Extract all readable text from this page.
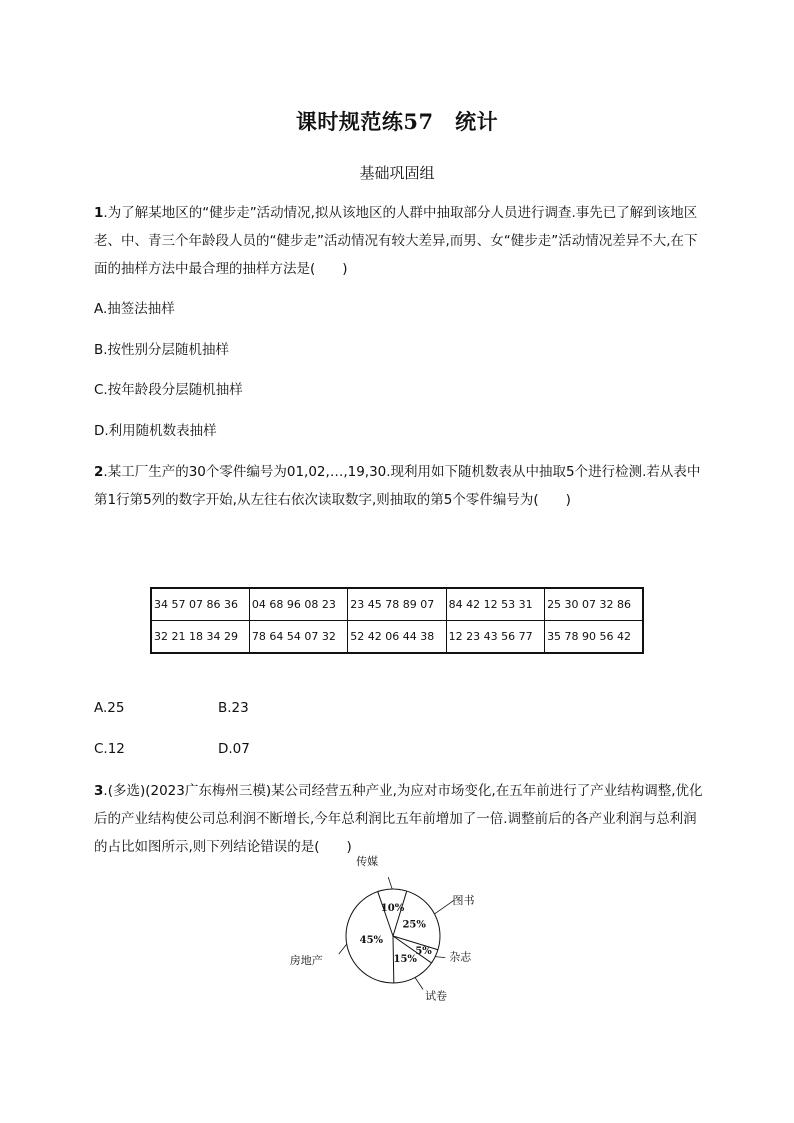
课时规范练57　统计
基础巩固组
1.为了解某地区的“健步走”活动情况,拟从该地区的人群中抽取部分人员进行调查.事先已了解到该地区老、中、青三个年龄段人员的“健步走”活动情况有较大差异,而男、女“健步走”活动情况差异不大,在下面的抽样方法中最合理的抽样方法是(　　)
A.抽签法抽样
B.按性别分层随机抽样
C.按年龄段分层随机抽样
D.利用随机数表抽样
2.某工厂生产的30个零件编号为01,02,…,19,30.现利用如下随机数表从中抽取5个进行检测.若从表中第1行第5列的数字开始,从左往右依次读取数字,则抽取的第5个零件编号为(　　)
34 57 07 86 36	04 68 96 08 23	23 45 78 89 07	84 42 12 53 31	25 30 07 32 86
32 21 18 34 29	78 64 54 07 32	52 42 06 44 38	12 23 43 56 77	35 78 90 56 42
A.25	B.23
C.12	D.07
3.(多选)(2023广东梅州三模)某公司经营五种产业,为应对市场变化,在五年前进行了产业结构调整,优化后的产业结构使公司总利润不断增长,今年总利润比五年前增加了一倍.调整前后的各产业利润与总利润的占比如图所示,则下列结论错误的是(　　)
25%
5%
15%
45%
10%
图书
杂志
试卷
房地产
传媒
